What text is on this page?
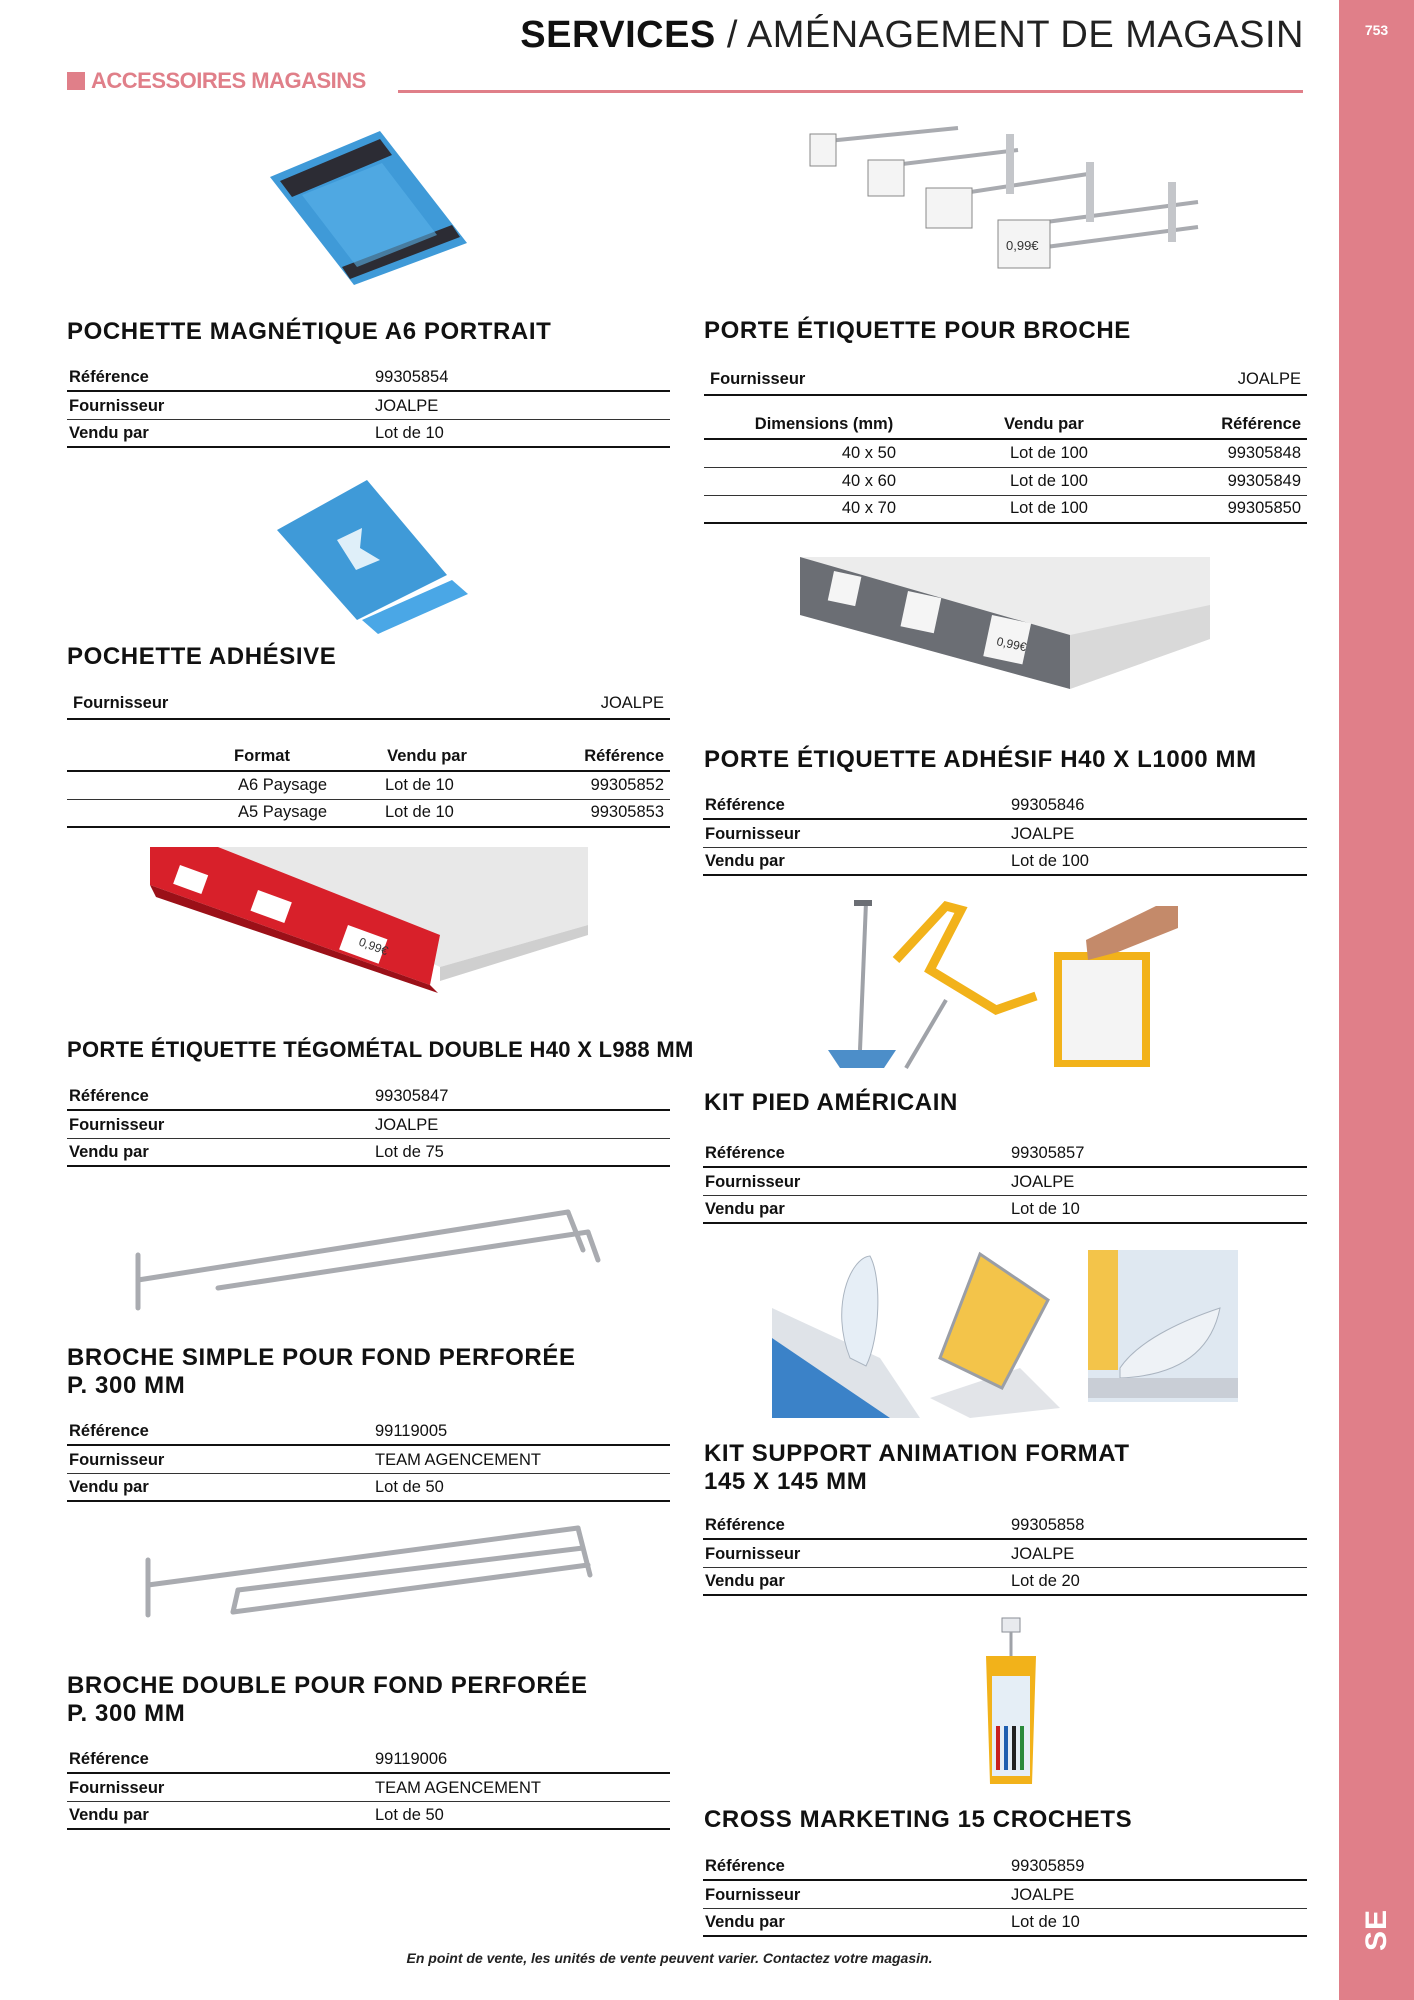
753
SE
SERVICES / AMÉNAGEMENT DE MAGASIN
ACCESSOIRES MAGASINS
POCHETTE MAGNÉTIQUE A6 PORTRAIT
Référence	99305854
Fournisseur	JOALPE
Vendu par	Lot de 10
POCHETTE ADHÉSIVE
Fournisseur	JOALPE
Format	Vendu par	Référence
A6 Paysage	Lot de 10	99305852
A5 Paysage	Lot de 10	99305853
0,99€
PORTE ÉTIQUETTE TÉGOMÉTAL DOUBLE H40 X L988 MM
Référence	99305847
Fournisseur	JOALPE
Vendu par	Lot de 75
BROCHE SIMPLE POUR FOND PERFORÉE
P. 300 MM
Référence	99119005
Fournisseur	TEAM AGENCEMENT
Vendu par	Lot de 50
BROCHE DOUBLE POUR FOND PERFORÉE
P. 300 MM
Référence	99119006
Fournisseur	TEAM AGENCEMENT
Vendu par	Lot de 50
0,99€
PORTE ÉTIQUETTE POUR BROCHE
Fournisseur	JOALPE
Dimensions (mm)	Vendu par	Référence
40 x 50	Lot de 100	99305848
40 x 60	Lot de 100	99305849
40 x 70	Lot de 100	99305850
0,99€
PORTE ÉTIQUETTE ADHÉSIF H40 X L1000 MM
Référence	99305846
Fournisseur	JOALPE
Vendu par	Lot de 100
KIT PIED AMÉRICAIN
Référence	99305857
Fournisseur	JOALPE
Vendu par	Lot de 10
KIT SUPPORT ANIMATION FORMAT
145 X 145 MM
Référence	99305858
Fournisseur	JOALPE
Vendu par	Lot de 20
CROSS MARKETING 15 CROCHETS
Référence	99305859
Fournisseur	JOALPE
Vendu par	Lot de 10
En point de vente, les unités de vente peuvent varier. Contactez votre magasin.
